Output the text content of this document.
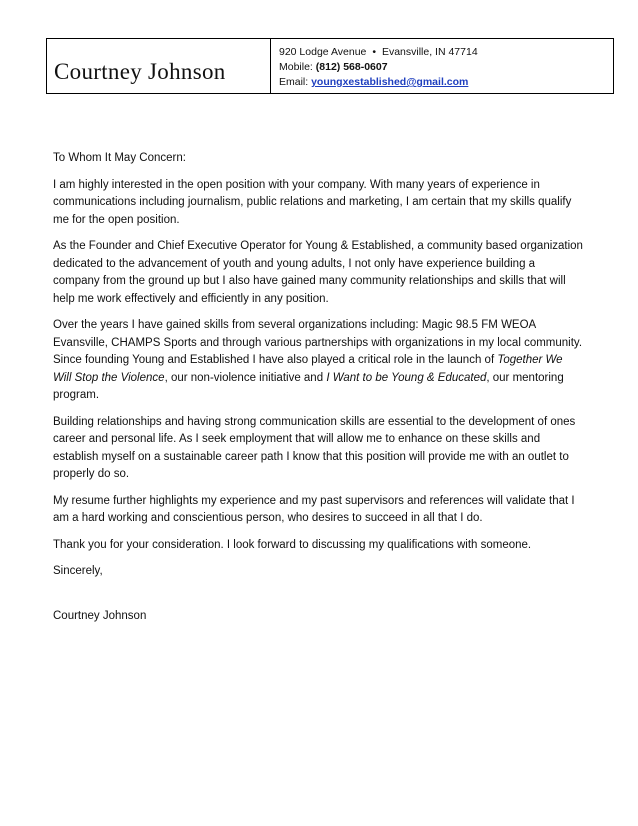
Courtney Johnson
920 Lodge Avenue • Evansville, IN 47714
Mobile: (812) 568-0607
Email: youngxestablished@gmail.com

To Whom It May Concern:

I am highly interested in the open position with your company. With many years of experience in communications including journalism, public relations and marketing, I am certain that my skills qualify me for the open position.

As the Founder and Chief Executive Operator for Young & Established, a community based organization dedicated to the advancement of youth and young adults, I not only have experience building a company from the ground up but I also have gained many community relationships and skills that will help me work effectively and efficiently in any position.

Over the years I have gained skills from several organizations including: Magic 98.5 FM WEOA Evansville, CHAMPS Sports and through various partnerships with organizations in my local community. Since founding Young and Established I have also played a critical role in the launch of Together We Will Stop the Violence, our non-violence initiative and I Want to be Young & Educated, our mentoring program.

Building relationships and having strong communication skills are essential to the development of ones career and personal life. As I seek employment that will allow me to enhance on these skills and establish myself on a sustainable career path I know that this position will provide me with an outlet to properly do so.

My resume further highlights my experience and my past supervisors and references will validate that I am a hard working and conscientious person, who desires to succeed in all that I do.

Thank you for your consideration. I look forward to discussing my qualifications with someone.

Sincerely,

Courtney Johnson
